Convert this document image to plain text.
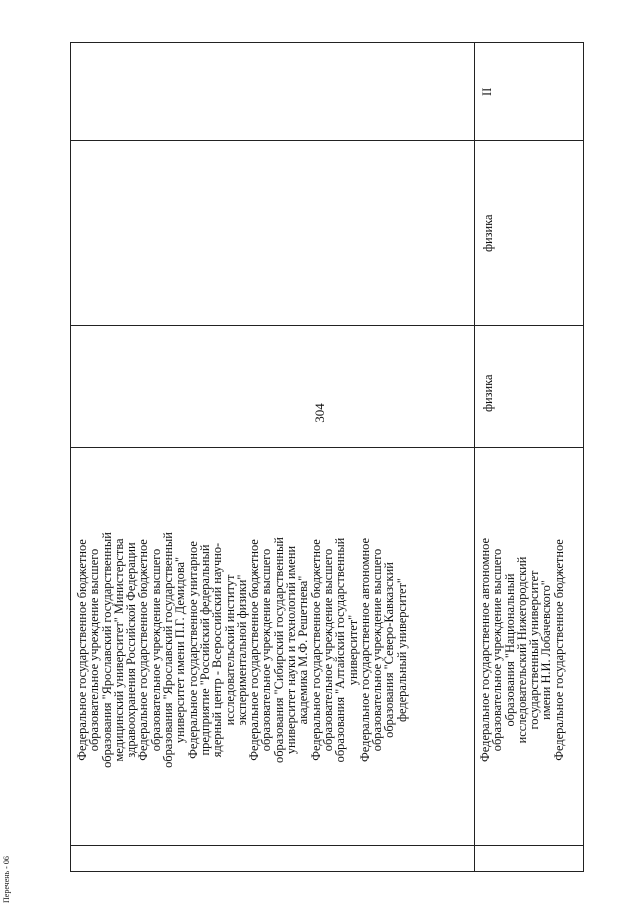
304
Перечень - 06
Федеральное государственное бюджетное
образовательное учреждение высшего
образования "Ярославский государственный
медицинский университет" Министерства
здравоохранения Российской Федерации
Федеральное государственное бюджетное
образовательное учреждение высшего
образования "Ярославский государственный
университет имени П.Г. Демидова"
Федеральное государственное унитарное
предприятие "Российский федеральный
ядерный центр - Всероссийский научно-
исследовательский институт
экспериментальной физики"
Федеральное государственное бюджетное
образовательное учреждение высшего
образования "Сибирский государственный
университет науки и технологий имени
академика М.Ф. Решетнева"
Федеральное государственное бюджетное
образовательное учреждение высшего
образования "Алтайский государственный
университет"
Федеральное государственное автономное
образовательное учреждение высшего
образования "Северо-Кавказский
федеральный университет"	Федеральное государственное автономное
образовательное учреждение высшего
образования "Национальный
исследовательский Нижегородский
государственный университет
имени Н.И. Лобачевского"
Федеральное государственное бюджетное
физика
физика
II
